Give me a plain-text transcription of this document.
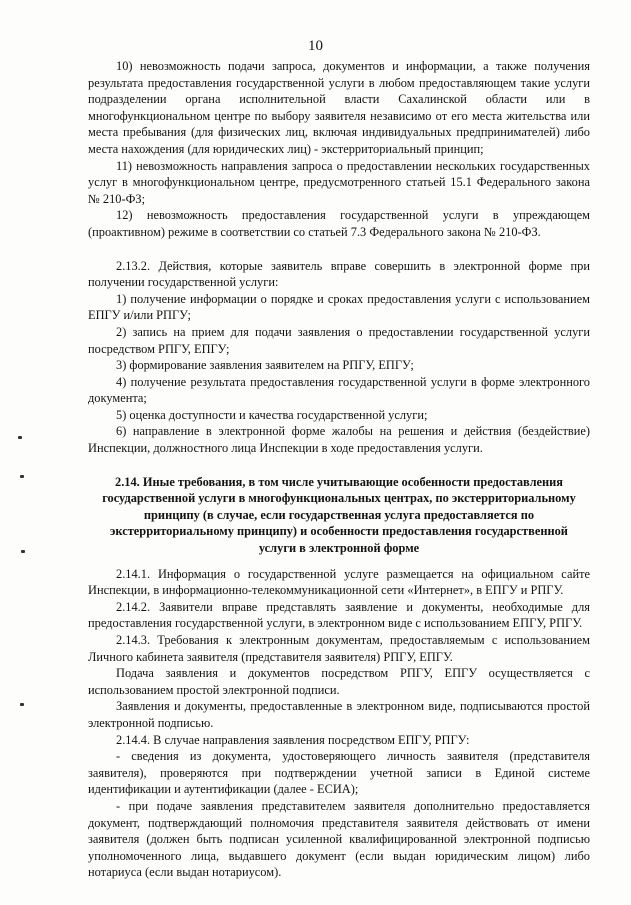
10

10) невозможность подачи запроса, документов и информации, а также получения результата предоставления государственной услуги в любом предоставляющем такие услуги подразделении органа исполнительной власти Сахалинской области или в многофункциональном центре по выбору заявителя независимо от его места жительства или места пребывания (для физических лиц, включая индивидуальных предпринимателей) либо места нахождения (для юридических лиц) - экстерриториальный принцип;

11) невозможность направления запроса о предоставлении нескольких государственных услуг в многофункциональном центре, предусмотренного статьей 15.1 Федерального закона № 210-ФЗ;

12) невозможность предоставления государственной услуги в упреждающем (проактивном) режиме в соответствии со статьей 7.3 Федерального закона № 210-ФЗ.

2.13.2. Действия, которые заявитель вправе совершить в электронной форме при получении государственной услуги:

1) получение информации о порядке и сроках предоставления услуги с использованием ЕПГУ и/или РПГУ;

2) запись на прием для подачи заявления о предоставлении государственной услуги посредством РПГУ, ЕПГУ;

3) формирование заявления заявителем на РПГУ, ЕПГУ;

4) получение результата предоставления государственной услуги в форме электронного документа;

5) оценка доступности и качества государственной услуги;

6) направление в электронной форме жалобы на решения и действия (бездействие) Инспекции, должностного лица Инспекции в ходе предоставления услуги.

2.14. Иные требования, в том числе учитывающие особенности предоставления государственной услуги в многофункциональных центрах, по экстерриториальному принципу (в случае, если государственная услуга предоставляется по экстерриториальному принципу) и особенности предоставления государственной услуги в электронной форме

2.14.1. Информация о государственной услуге размещается на официальном сайте Инспекции, в информационно-телекоммуникационной сети «Интернет», в ЕПГУ и РПГУ.

2.14.2. Заявители вправе представлять заявление и документы, необходимые для предоставления государственной услуги, в электронном виде с использованием ЕПГУ, РПГУ.

2.14.3. Требования к электронным документам, предоставляемым с использованием Личного кабинета заявителя (представителя заявителя) РПГУ, ЕПГУ.

Подача заявления и документов посредством РПГУ, ЕПГУ осуществляется с использованием простой электронной подписи.

Заявления и документы, предоставленные в электронном виде, подписываются простой электронной подписью.

2.14.4. В случае направления заявления посредством ЕПГУ, РПГУ:

- сведения из документа, удостоверяющего личность заявителя (представителя заявителя), проверяются при подтверждении учетной записи в Единой системе идентификации и аутентификации (далее - ЕСИА);

- при подаче заявления представителем заявителя дополнительно предоставляется документ, подтверждающий полномочия представителя заявителя действовать от имени заявителя (должен быть подписан усиленной квалифицированной электронной подписью уполномоченного лица, выдавшего документ (если выдан юридическим лицом) либо нотариуса (если выдан нотариусом).
